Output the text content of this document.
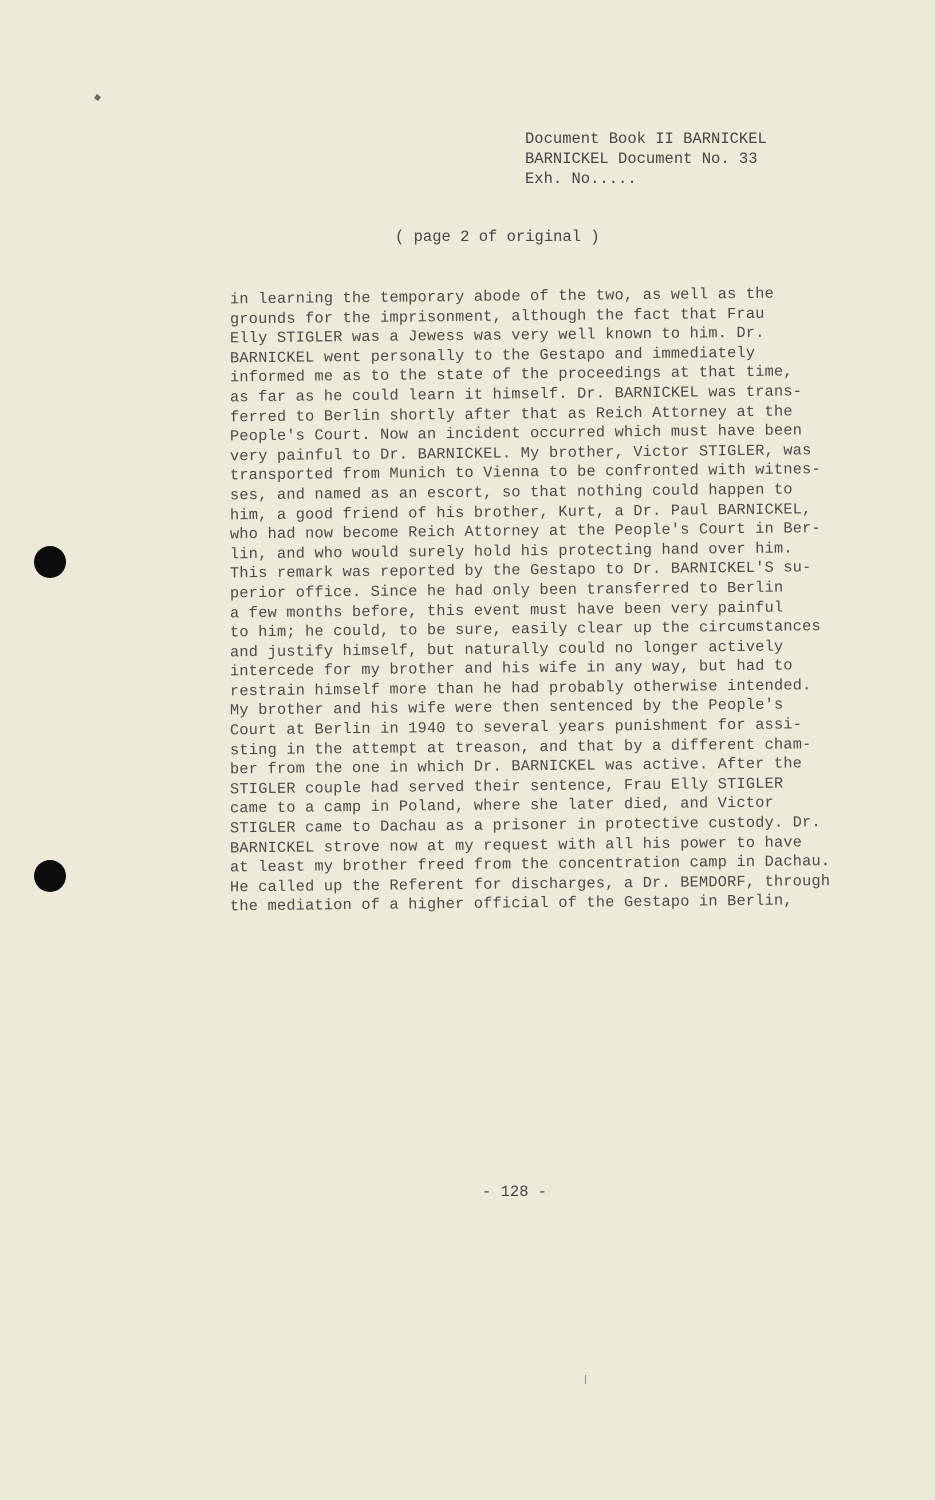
Document Book II BARNICKEL
BARNICKEL Document No. 33
Exh. No.....
( page 2 of original )
in learning the temporary abode of the two, as well as the
grounds for the imprisonment, although the fact that Frau
Elly STIGLER was a Jewess was very well known to him. Dr.
BARNICKEL went personally to the Gestapo and immediately
informed me as to the state of the proceedings at that time,
as far as he could learn it himself. Dr. BARNICKEL was trans-
ferred to Berlin shortly after that as Reich Attorney at the
People's Court. Now an incident occurred which must have been
very painful to Dr. BARNICKEL. My brother, Victor STIGLER, was
transported from Munich to Vienna to be confronted with witnes-
ses, and named as an escort, so that nothing could happen to
him, a good friend of his brother, Kurt, a Dr. Paul BARNICKEL,
who had now become Reich Attorney at the People's Court in Ber-
lin, and who would surely hold his protecting hand over him.
This remark was reported by the Gestapo to Dr. BARNICKEL'S su-
perior office. Since he had only been transferred to Berlin
a few months before, this event must have been very painful
to him; he could, to be sure, easily clear up the circumstances
and justify himself, but naturally could no longer actively
intercede for my brother and his wife in any way, but had to
restrain himself more than he had probably otherwise intended.
My brother and his wife were then sentenced by the People's
Court at Berlin in 1940 to several years punishment for assi-
sting in the attempt at treason, and that by a different cham-
ber from the one in which Dr. BARNICKEL was active. After the
STIGLER couple had served their sentence, Frau Elly STIGLER
came to a camp in Poland, where she later died, and Victor
STIGLER came to Dachau as a prisoner in protective custody. Dr.
BARNICKEL strove now at my request with all his power to have
at least my brother freed from the concentration camp in Dachau.
He called up the Referent for discharges, a Dr. BEMDORF, through
the mediation of a higher official of the Gestapo in Berlin,
- 128 -
